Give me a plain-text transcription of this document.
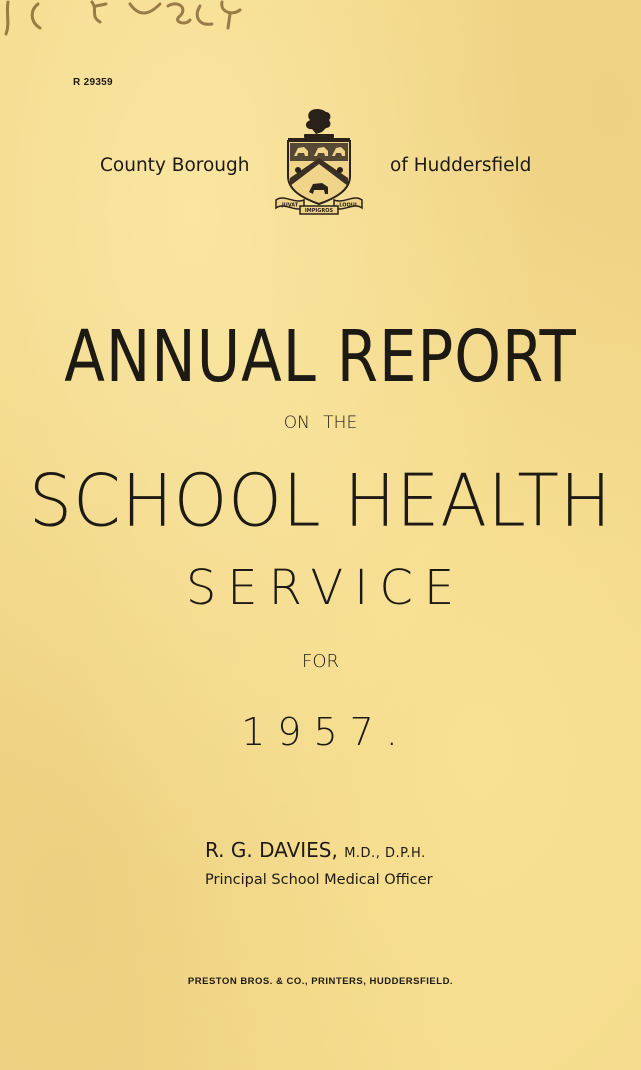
R 29359
County Borough
JUVAT	LOQUI
IMPIGROS
of Huddersfield
ANNUAL REPORT
ON THE
SCHOOL HEALTH
SERVICE
FOR
1957.
R. G. DAVIES, M.D., D.P.H.
Principal School Medical Officer
PRESTON BROS. & CO., PRINTERS, HUDDERSFIELD.
